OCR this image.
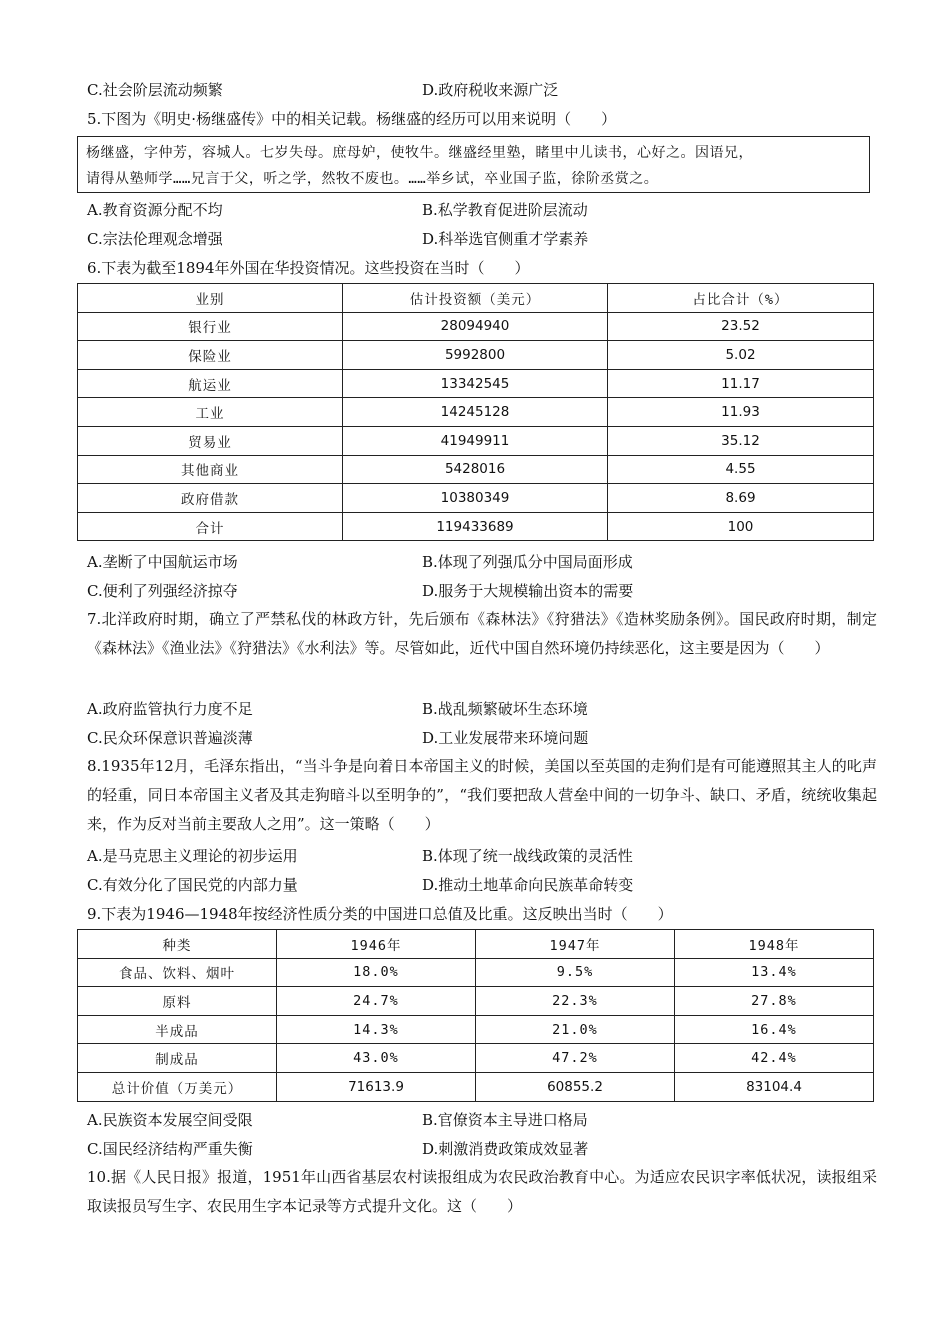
C.社会阶层流动频繁	D.政府税收来源广泛
5.下图为《明史·杨继盛传》中的相关记载。杨继盛的经历可以用来说明（　　）
杨继盛，字仲芳，容城人。七岁失母。庶母妒，使牧牛。继盛经里塾，睹里中儿读书，心好之。因语兄，
请得从塾师学……兄言于父，听之学，然牧不废也。……举乡试，卒业国子监，徐阶丞赏之。
A.教育资源分配不均	B.私学教育促进阶层流动
C.宗法伦理观念增强	D.科举选官侧重才学素养
6.下表为截至1894年外国在华投资情况。这些投资在当时（　　）
业别	估计投资额（美元）	占比合计（%）
银行业	28094940	23.52
保险业	5992800	5.02
航运业	13342545	11.17
工业	14245128	11.93
贸易业	41949911	35.12
其他商业	5428016	4.55
政府借款	10380349	8.69
合计	119433689	100
A.垄断了中国航运市场	B.体现了列强瓜分中国局面形成
C.便利了列强经济掠夺	D.服务于大规模输出资本的需要
7.北洋政府时期，确立了严禁私伐的林政方针，先后颁布《森林法》《狩猎法》《造林奖励条例》。国民政府时期，制定《森林法》《渔业法》《狩猎法》《水利法》等。尽管如此，近代中国自然环境仍持续恶化，这主要是因为（　　）
A.政府监管执行力度不足	B.战乱频繁破坏生态环境
C.民众环保意识普遍淡薄	D.工业发展带来环境问题
8.1935年12月，毛泽东指出，“当斗争是向着日本帝国主义的时候，美国以至英国的走狗们是有可能遵照其主人的叱声的轻重，同日本帝国主义者及其走狗暗斗以至明争的”，“我们要把敌人营垒中间的一切争斗、缺口、矛盾，统统收集起来，作为反对当前主要敌人之用”。这一策略（　　）
A.是马克思主义理论的初步运用	B.体现了统一战线政策的灵活性
C.有效分化了国民党的内部力量	D.推动土地革命向民族革命转变
9.下表为1946—1948年按经济性质分类的中国进口总值及比重。这反映出当时（　　）
种类	1946年	1947年	1948年
食品、饮料、烟叶	18.0%	9.5%	13.4%
原料	24.7%	22.3%	27.8%
半成品	14.3%	21.0%	16.4%
制成品	43.0%	47.2%	42.4%
总计价值（万美元）	71613.9	60855.2	83104.4
A.民族资本发展空间受限	B.官僚资本主导进口格局
C.国民经济结构严重失衡	D.刺激消费政策成效显著
10.据《人民日报》报道，1951年山西省基层农村读报组成为农民政治教育中心。为适应农民识字率低状况，读报组采取读报员写生字、农民用生字本记录等方式提升文化。这（　　）
